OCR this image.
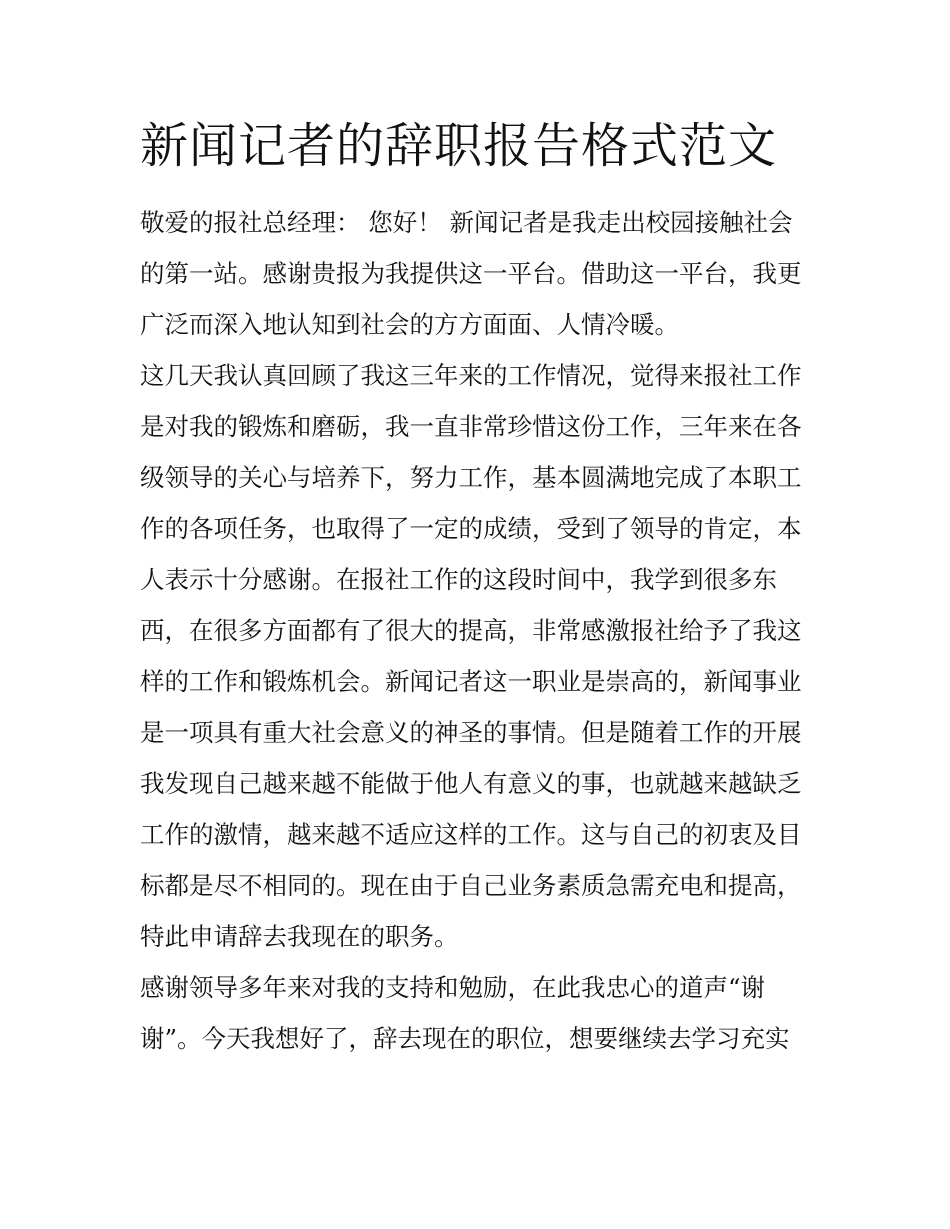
新闻记者的辞职报告格式范文
敬爱的报社总经理： 您好！ 新闻记者是我走出校园接触社会
的第一站。感谢贵报为我提供这一平台。借助这一平台，我更
广泛而深入地认知到社会的方方面面、人情冷暖。
这几天我认真回顾了我这三年来的工作情况，觉得来报社工作
是对我的锻炼和磨砺，我一直非常珍惜这份工作，三年来在各
级领导的关心与培养下，努力工作，基本圆满地完成了本职工
作的各项任务，也取得了一定的成绩，受到了领导的肯定，本
人表示十分感谢。在报社工作的这段时间中，我学到很多东
西，在很多方面都有了很大的提高，非常感激报社给予了我这
样的工作和锻炼机会。新闻记者这一职业是崇高的，新闻事业
是一项具有重大社会意义的神圣的事情。但是随着工作的开展
我发现自己越来越不能做于他人有意义的事，也就越来越缺乏
工作的激情，越来越不适应这样的工作。这与自己的初衷及目
标都是尽不相同的。现在由于自己业务素质急需充电和提高，
特此申请辞去我现在的职务。
感谢领导多年来对我的支持和勉励，在此我忠心的道声“谢
谢”。今天我想好了，辞去现在的职位，想要继续去学习充实
